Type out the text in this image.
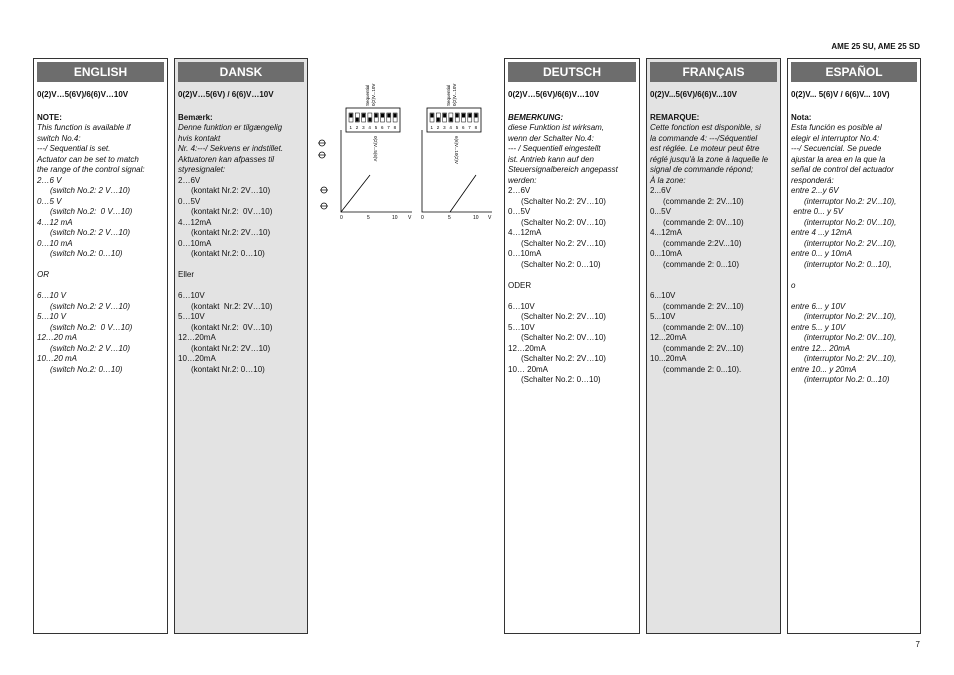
AME 25 SU, AME 25 SD
ENGLISH
0(2)V…5(6V)/6(6)V…10V
NOTE:
This function is available if
switch No.4:
---/ Sequential is set.
Actuator can be set to match
the range of the control signal:
2…6 V
(switch No.2: 2 V…10)
0…5 V
(switch No.2:  0 V…10)
4…12 mA
(switch No.2: 2 V…10)
0…10 mA
(switch No.2: 0…10)
OR
6…10 V
(switch No.2: 2 V…10)
5…10 V
(switch No.2:  0 V…10)
12…20 mA
(switch No.2: 2 V…10)
10…20 mA
(switch No.2: 0…10)
DANSK
0(2)V…5(6V) / 6(6)V…10V
Bemærk:
Denne funktion er tilgængelig
hvis kontakt
Nr. 4:---/ Sekvens er indstillet.
Aktuatoren kan afpasses til
styresignalet:
2…6V
(kontakt Nr.2: 2V…10)
0…5V
(kontakt Nr.2:  0V…10)
4…12mA
(kontakt Nr.2: 2V…10)
0…10mA
(kontakt Nr.2: 0…10)
Eller
6…10V
(kontakt  Nr.2: 2V…10)
5…10V
(kontakt Nr.2:  0V…10)
12…20mA
(kontakt Nr.2: 2V…10)
10…20mA
(kontakt Nr.2: 0…10)
1 2 3 4 5 6 7 8
Sequential 0(2)V...10V
0(2)V...5(6)V
0	5	10 V
1 2 3 4 5 6 7 8
Sequential 0(2)V...10V
6(6)V...10(2)V
0	5	10 V
DEUTSCH
0(2)V…5(6V)/6(6)V…10V
BEMERKUNG:
diese Funktion ist wirksam,
wenn der Schalter No.4:
--- / Sequentiell eingestellt
ist. Antrieb kann auf den
Steuersignalbereich angepasst
werden:
2…6V
(Schalter No.2: 2V…10)
0…5V
(Schalter No.2: 0V…10)
4…12mA
(Schalter No.2: 2V…10)
0…10mA
(Schalter No.2: 0…10)
ODER
6…10V
(Schalter No.2: 2V…10)
5…10V
(Schalter No.2: 0V…10)
12…20mA
(Schalter No.2: 2V…10)
10… 20mA
(Schalter No.2: 0…10)
FRANÇAIS
0(2)V...5(6V)/6(6)V...10V
REMARQUE:
Cette fonction est disponible, si
la commande 4: ---/Séquentiel
est réglée. Le moteur peut être
réglé jusqu'à la zone à laquelle le
signal de commande répond;
À la zone:
2...6V
(commande 2: 2V...10)
0...5V
(commande 2: 0V...10)
4...12mA
(commande 2:2V...10)
0...10mA
(commande 2: 0...10)
6...10V
(commande 2: 2V...10)
5...10V
(commande 2: 0V...10)
12...20mA
(commande 2: 2V...10)
10...20mA
(commande 2: 0...10).
ESPAÑOL
0(2)V... 5(6)V / 6(6)V... 10V)
Nota:
Esta función es posible al
elegir el interruptor No.4:
---/ Secuencial. Se puede
ajustar la area en la que la
señal de control del actuador
responderá:
entre 2...y 6V
(interruptor No.2: 2V...10),
entre 0... y 5V
(interruptor No.2: 0V...10),
entre 4 ...y 12mA
(interruptor No.2: 2V...10),
entre 0... y 10mA
(interruptor No.2: 0...10),
o
entre 6... y 10V
(interruptor No.2: 2V...10),
entre 5... y 10V
(interruptor No.2: 0V...10),
entre 12... 20mA
(interruptor No.2: 2V...10),
entre 10... y 20mA
(interruptor No.2: 0...10)
7
